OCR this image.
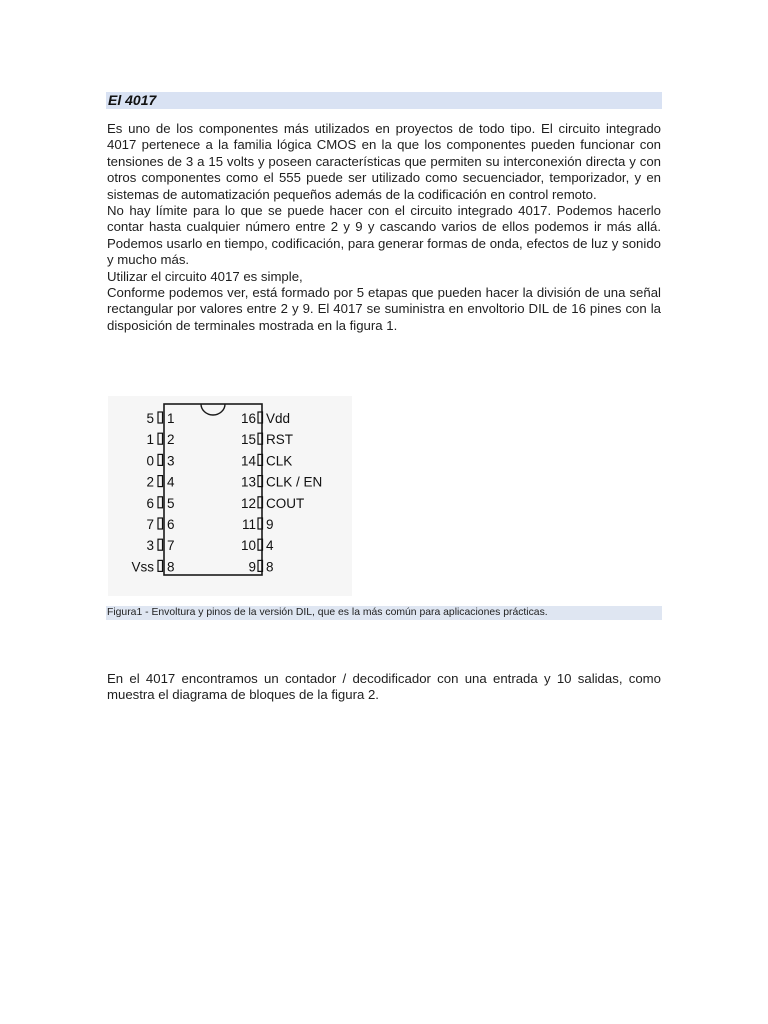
El 4017

Es uno de los componentes más utilizados en proyectos de todo tipo. El circuito integrado 4017 pertenece a la familia lógica CMOS en la que los componentes pueden funcionar con tensiones de 3 a 15 volts y poseen características que permiten su interconexión directa y con otros componentes como el 555 puede ser utilizado como secuenciador, temporizador, y en sistemas de automatización pequeños además de la codificación en control remoto.

No hay límite para lo que se puede hacer con el circuito integrado 4017. Podemos hacerlo contar hasta cualquier número entre 2 y 9 y cascando varios de ellos podemos ir más allá. Podemos usarlo en tiempo, codificación, para generar formas de onda, efectos de luz y sonido y mucho más.

Utilizar el circuito 4017 es simple,

Conforme podemos ver, está formado por 5 etapas que pueden hacer la división de una señal rectangular por valores entre 2 y 9. El 4017 se suministra en envoltorio DIL de 16 pines con la disposición de terminales mostrada en la figura 1.

5 1
1 2
0 3
2 4
6 5
7 6
3 7
Vss 8
16 Vdd
15 RST
14 CLK
13 CLK / EN
12 COUT
11 9
10 4
9 8
Figura1 - Envoltura y pinos de la versión DIL, que es la más común para aplicaciones prácticas.

En el 4017 encontramos un contador / decodificador con una entrada y 10 salidas, como muestra el diagrama de bloques de la figura 2.
